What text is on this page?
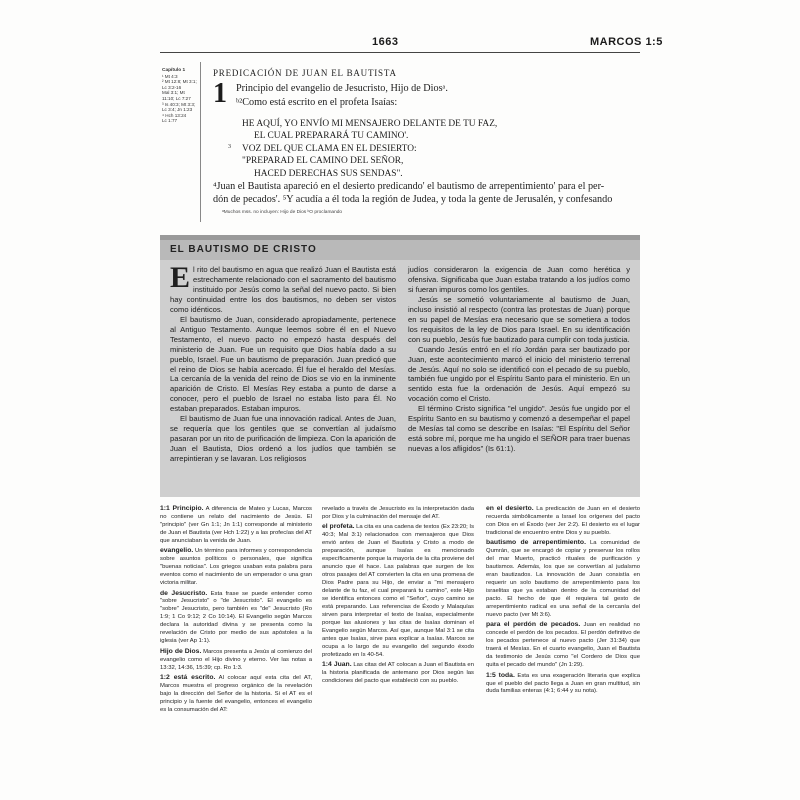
1663	MARCOS 1:5
Capítulo 1
¹ Mt 4:3
² Mt 12:8; Mt 3:1; Lc 3:2-16
Mal 3:1; Mt 11:10; Lc 7:27
³ Is 40:3; Mt 3:3; Lc 3:4; Jn 1:23
⁴ Hch 13:24
Lc 1:77
PREDICACIÓN DE JUAN EL BAUTISTA
1 Principio del evangelio de Jesucristo, Hijo de Diosᵃ.
ᵇ²Como está escrito en el profeta Isaías:
HE AQUÍ, YO ENVÍO MI MENSAJERO DELANTE DE TU FAZ,
EL CUAL PREPARARÁ TU CAMINO'.
VOZ DEL QUE CLAMA EN EL DESIERTO:
"PREPARAD EL CAMINO DEL SEÑOR,
HACED DERECHAS SUS SENDAS".
3
⁴Juan el Bautista apareció en el desierto predicando' el bautismo de arrepentimiento' para el per-
dón de pecados'. ⁵Y acudía a él toda la región de Judea, y toda la gente de Jerusalén, y confesando
ᵃMuchos mss. no incluyen: Hijo de Dios ᵇO proclamando
EL BAUTISMO DE CRISTO

El rito del bautismo en agua que realizó Juan el Bautista está estrechamente relacionado con el sacramento del bautismo instituido por Jesús como la señal del nuevo pacto. Si bien hay continuidad entre los dos bautismos, no deben ser vistos como idénticos.

El bautismo de Juan, considerado apropiadamente, pertenece al Antiguo Testamento. Aunque leemos sobre él en el Nuevo Testamento, el nuevo pacto no empezó hasta después del ministerio de Juan. Fue un requisito que Dios había dado a su pueblo, Israel. Fue un bautismo de preparación. Juan predicó que el reino de Dios se había acercado. Él fue el heraldo del Mesías. La cercanía de la venida del reino de Dios se vio en la inminente aparición de Cristo. El Mesías Rey estaba a punto de darse a conocer, pero el pueblo de Israel no estaba listo para Él. No estaban preparados. Estaban impuros.

El bautismo de Juan fue una innovación radical. Antes de Juan, se requería que los gentiles que se convertían al judaísmo pasaran por un rito de purificación de limpieza. Con la aparición de Juan el Bautista, Dios ordenó a los judíos que también se arrepintieran y se lavaran. Los religiosos

judíos consideraron la exigencia de Juan como herética y ofensiva. Significaba que Juan estaba tratando a los judíos como si fueran impuros como los gentiles.

Jesús se sometió voluntariamente al bautismo de Juan, incluso insistió al respecto (contra las protestas de Juan) porque en su papel de Mesías era necesario que se sometiera a todos los requisitos de la ley de Dios para Israel. En su identificación con su pueblo, Jesús fue bautizado para cumplir con toda justicia.

Cuando Jesús entró en el río Jordán para ser bautizado por Juan, este acontecimiento marcó el inicio del ministerio terrenal de Jesús. Aquí no solo se identificó con el pecado de su pueblo, también fue ungido por el Espíritu Santo para el ministerio. En un sentido esta fue la ordenación de Jesús. Aquí empezó su vocación como el Cristo.

El término Cristo significa "el ungido". Jesús fue ungido por el Espíritu Santo en su bautismo y comenzó a desempeñar el papel de Mesías tal como se describe en Isaías: "El Espíritu del Señor está sobre mí, porque me ha ungido el SEÑOR para traer buenas nuevas a los afligidos" (Is 61:1).

1:1 Principio. A diferencia de Mateo y Lucas, Marcos no contiene un relato del nacimiento de Jesús. El "principio" (ver Gn 1:1; Jn 1:1) corresponde al ministerio de Juan el Bautista (ver Hch 1:22) y a las profecías del AT que anunciaban la venida de Juan.
evangelio. Un término para informes y correspondencia sobre asuntos políticos o personales, que significa "buenas noticias". Los griegos usaban esta palabra para eventos como el nacimiento de un emperador o una gran victoria militar.
de Jesucristo. Esta frase se puede entender como "sobre Jesucristo" o "de Jesucristo". El evangelio es "sobre" Jesucristo, pero también es "de" Jesucristo (Ro 1:9; 1 Co 9:12; 2 Co 10:14). El Evangelio según Marcos declara la autoridad divina y se presenta como la revelación de Cristo por medio de sus apóstoles a la iglesia (ver Ap 1:1).
Hijo de Dios. Marcos presenta a Jesús al comienzo del evangelio como el Hijo divino y eterno. Ver las notas a 13:32, 14:36, 15:39; cp. Ro 1:3.
1:2 está escrito. Al colocar aquí esta cita del AT, Marcos muestra el progreso orgánico de la revelación bajo la dirección del Señor de la historia. Si el AT es el principio y la fuente del evangelio, entonces el evangelio es la consumación del AT:
revelado a través de Jesucristo es la interpretación dada por Dios y la culminación del mensaje del AT.
el profeta. La cita es una cadena de textos (Ex 23:20; Is 40:3; Mal 3:1) relacionados con mensajeros que Dios envió antes de Juan el Bautista y Cristo a modo de preparación, aunque Isaías es mencionado específicamente porque la mayoría de la cita proviene del anuncio que él hace. Las palabras que surgen de los otros pasajes del AT convierten la cita en una promesa de Dios Padre para su Hijo, de enviar a "mi mensajero delante de tu faz, el cual preparará tu camino", este Hijo se identifica entonces como el "Señor", cuyo camino se está preparando. Las referencias de Éxodo y Malaquías sirven para interpretar el texto de Isaías, especialmente porque las alusiones y las citas de Isaías dominan el Evangelio según Marcos. Así que, aunque Mal 3:1 se cita antes que Isaías, sirve para explicar a Isaías. Marcos se ocupa a lo largo de su evangelio del segundo éxodo profetizado en Is 40-54.
1:4 Juan. Las citas del AT colocan a Juan el Bautista en la historia planificada de antemano por Dios según las condiciones del pacto que estableció con su pueblo.
en el desierto. La predicación de Juan en el desierto recuerda simbólicamente a Israel los orígenes del pacto con Dios en el Éxodo (ver Jer 2:2). El desierto es el lugar tradicional de encuentro entre Dios y su pueblo.
bautismo de arrepentimiento. La comunidad de Qumrán, que se encargó de copiar y preservar los rollos del mar Muerto, practicó rituales de purificación y bautismos. Además, los que se convertían al judaísmo eran bautizados. La innovación de Juan consistía en requerir un solo bautismo de arrepentimiento para los israelitas que ya estaban dentro de la comunidad del pacto. El hecho de que él requiera tal gesto de arrepentimiento radical es una señal de la cercanía del nuevo pacto (ver Mt 3:6).
para el perdón de pecados. Juan en realidad no concede el perdón de los pecados. El perdón definitivo de los pecados pertenece al nuevo pacto (Jer 31:34) que traerá el Mesías. En el cuarto evangelio, Juan el Bautista da testimonio de Jesús como "el Cordero de Dios que quita el pecado del mundo" (Jn 1:29).
1:5 toda. Esta es una exageración literaria que explica que el pueblo del pacto llega a Juan en gran multitud, sin duda familias enteras (4:1; 6:44 y su nota).
